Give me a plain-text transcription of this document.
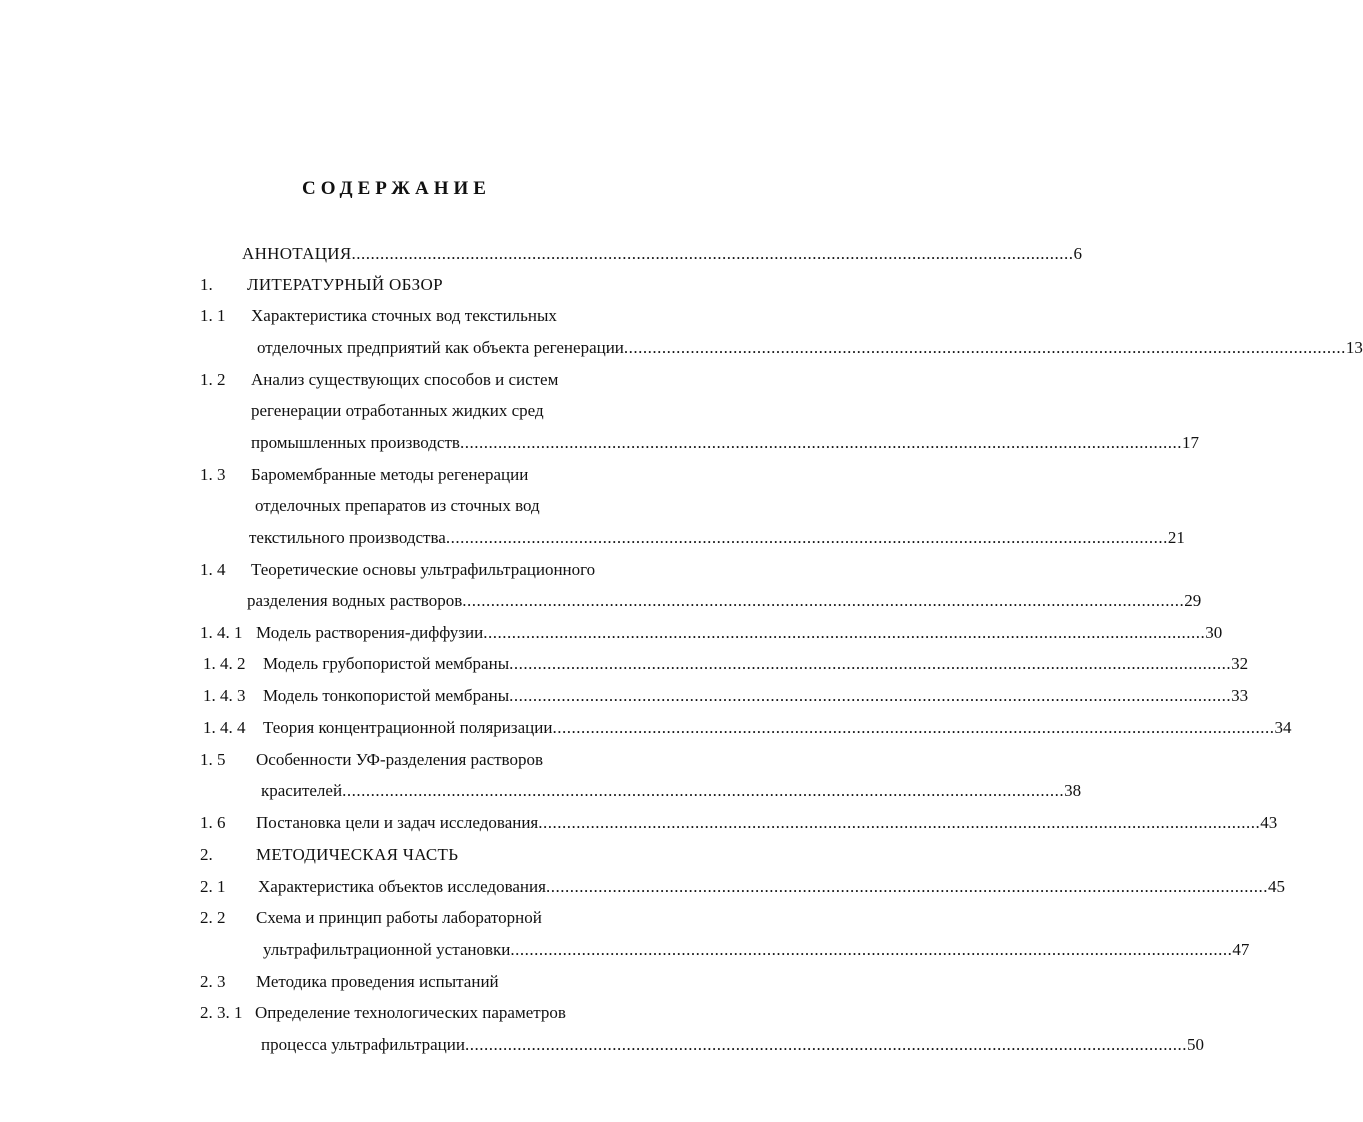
СОДЕРЖАНИЕ
АННОТАЦИЯ ........................................................................................................................................................ 6
1. ЛИТЕРАТУРНЫЙ ОБЗОР
1. 1 Характеристика сточных вод текстильных
отделочных предприятий как объекта регенерации ........................................................................................................................................................ 13
1. 2 Анализ существующих способов и систем
регенерации отработанных жидких сред
промышленных производств ........................................................................................................................................................ 17
1. 3 Баромембранные методы регенерации
отделочных препаратов из сточных вод
текстильного производства ........................................................................................................................................................ 21
1. 4 Теоретические основы ультрафильтрационного
разделения водных растворов ........................................................................................................................................................ 29
1. 4. 1 Модель растворения-диффузии ........................................................................................................................................................ 30
1. 4. 2 Модель грубопористой мембраны ........................................................................................................................................................ 32
1. 4. 3 Модель тонкопористой мембраны ........................................................................................................................................................ 33
1. 4. 4 Теория концентрационной поляризации ........................................................................................................................................................ 34
1. 5 Особенности УФ-разделения растворов
красителей ........................................................................................................................................................ 38
1. 6 Постановка цели и задач исследования ........................................................................................................................................................ 43
2.	МЕТОДИЧЕСКАЯ ЧАСТЬ
2. 1 Характеристика объектов исследования ........................................................................................................................................................ 45
2. 2 Схема и принцип работы лабораторной
ультрафильтрационной установки ........................................................................................................................................................ 47
2. 3 Методика проведения испытаний
2. 3. 1 Определение технологических параметров
процесса ультрафильтрации ........................................................................................................................................................ 50
